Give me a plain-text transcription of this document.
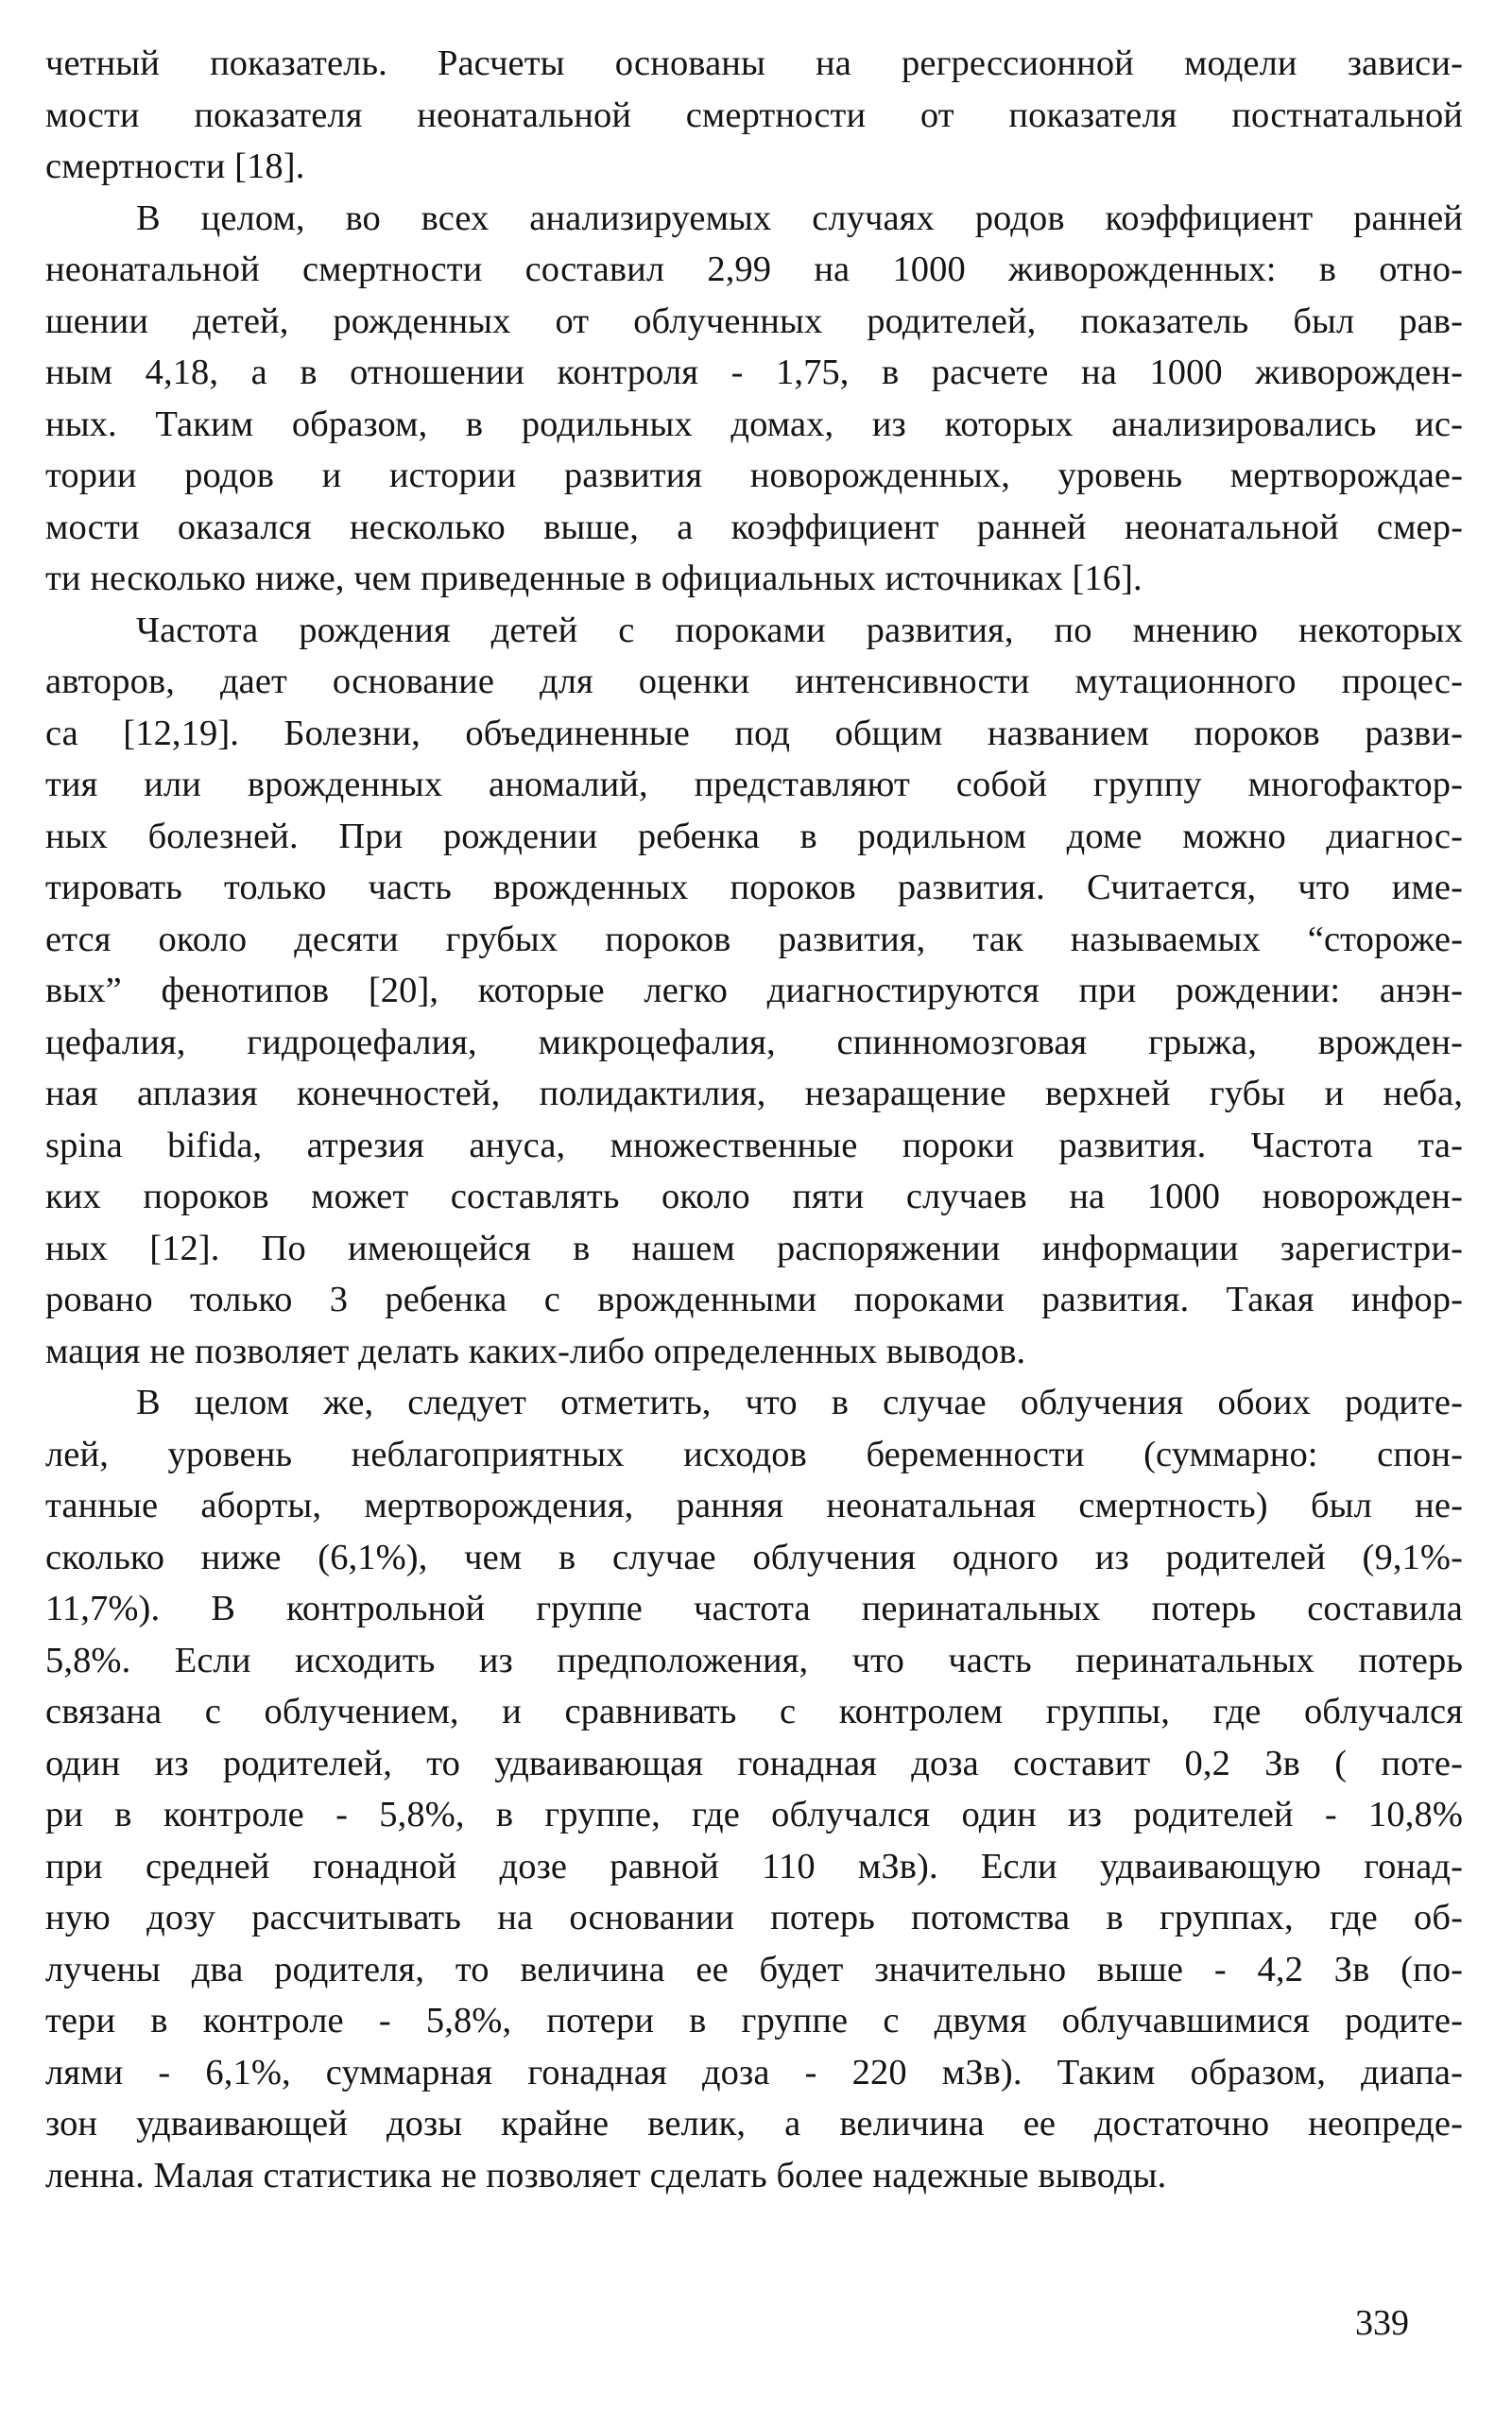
четный показатель. Расчеты основаны на регрессионной модели зависи-
мости показателя неонатальной смертности от показателя постнатальной
смертности [18].

В целом, во всех анализируемых случаях родов коэффициент ранней
неонатальной смертности составил 2,99 на 1000 живорожденных: в отно-
шении детей, рожденных от облученных родителей, показатель был рав-
ным 4,18, а в отношении контроля - 1,75, в расчете на 1000 живорожден-
ных. Таким образом, в родильных домах, из которых анализировались ис-
тории родов и истории развития новорожденных, уровень мертворождае-
мости оказался несколько выше, а коэффициент ранней неонатальной смер-
ти несколько ниже, чем приведенные в официальных источниках [16].

Частота рождения детей с пороками развития, по мнению некоторых
авторов, дает основание для оценки интенсивности мутационного процес-
са [12,19]. Болезни, объединенные под общим названием пороков разви-
тия или врожденных аномалий, представляют собой группу многофактор-
ных болезней. При рождении ребенка в родильном доме можно диагнос-
тировать только часть врожденных пороков развития. Считается, что име-
ется около десяти грубых пороков развития, так называемых “стороже-
вых” фенотипов [20], которые легко диагностируются при рождении: анэн-
цефалия, гидроцефалия, микроцефалия, спинномозговая грыжа, врожден-
ная аплазия конечностей, полидактилия, незаращение верхней губы и неба,
spina bifida, атрезия ануса, множественные пороки развития. Частота та-
ких пороков может составлять около пяти случаев на 1000 новорожден-
ных [12]. По имеющейся в нашем распоряжении информации зарегистри-
ровано только 3 ребенка с врожденными пороками развития. Такая инфор-
мация не позволяет делать каких-либо определенных выводов.

В целом же, следует отметить, что в случае облучения обоих родите-
лей, уровень неблагоприятных исходов беременности (суммарно: спон-
танные аборты, мертворождения, ранняя неонатальная смертность) был не-
сколько ниже (6,1%), чем в случае облучения одного из родителей (9,1%-
11,7%). В контрольной группе частота перинатальных потерь составила
5,8%. Если исходить из предположения, что часть перинатальных потерь
связана с облучением, и сравнивать с контролем группы, где облучался
один из родителей, то удваивающая гонадная доза составит 0,2 Зв ( поте-
ри в контроле - 5,8%, в группе, где облучался один из родителей - 10,8%
при средней гонадной дозе равной 110 мЗв). Если удваивающую гонад-
ную дозу рассчитывать на основании потерь потомства в группах, где об-
лучены два родителя, то величина ее будет значительно выше - 4,2 Зв (по-
тери в контроле - 5,8%, потери в группе с двумя облучавшимися родите-
лями - 6,1%, суммарная гонадная доза - 220 мЗв). Таким образом, диапа-
зон удваивающей дозы крайне велик, а величина ее достаточно неопреде-
ленна. Малая статистика не позволяет сделать более надежные выводы.

339
